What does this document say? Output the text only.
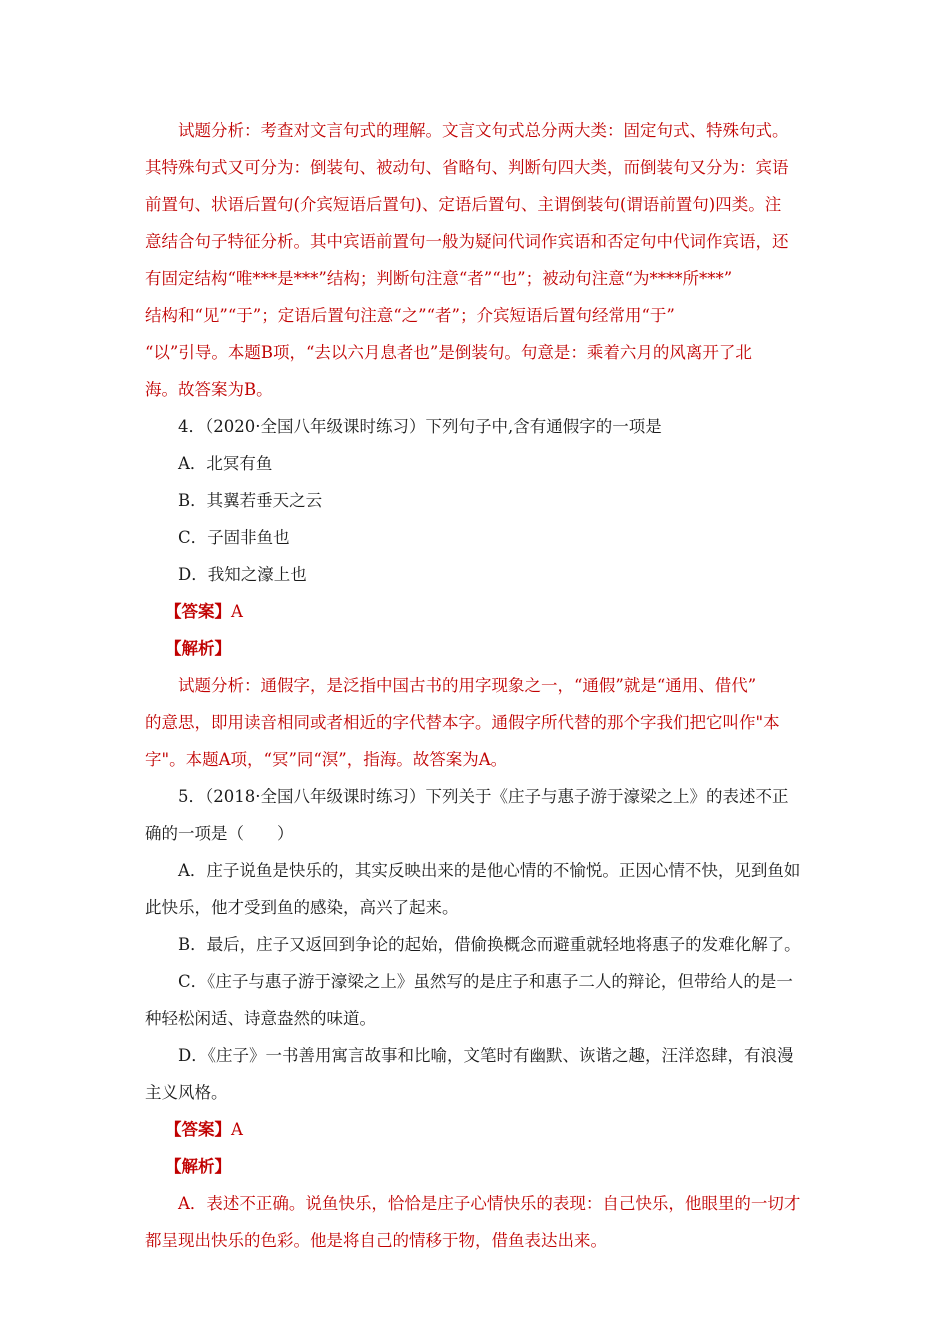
试题分析：考查对文言句式的理解。文言文句式总分两大类：固定句式、特殊句式。

其特殊句式又可分为：倒装句、被动句、省略句、判断句四大类，而倒装句又分为：宾语

前置句、状语后置句(介宾短语后置句)、定语后置句、主谓倒装句(谓语前置句)四类。注

意结合句子特征分析。其中宾语前置句一般为疑问代词作宾语和否定句中代词作宾语，还

有固定结构“唯***是***”结构；判断句注意“者”“也”；被动句注意“为****所***”

结构和“见”“于”；定语后置句注意“之”“者”；介宾短语后置句经常用“于”

“以”引导。本题B项，“去以六月息者也”是倒装句。句意是：乘着六月的风离开了北

海。故答案为B。

4．（2020·全国八年级课时练习）下列句子中,含有通假字的一项是

A．北冥有鱼

B．其翼若垂天之云

C．子固非鱼也

D．我知之濠上也

【答案】A

【解析】

试题分析：通假字，是泛指中国古书的用字现象之一，“通假”就是“通用、借代”

的意思，即用读音相同或者相近的字代替本字。通假字所代替的那个字我们把它叫作"本

字"。本题A项，“冥”同“溟”，指海。故答案为A。

5．（2018·全国八年级课时练习）下列关于《庄子与惠子游于濠梁之上》的表述不正

确的一项是（　　）

A．庄子说鱼是快乐的，其实反映出来的是他心情的不愉悦。正因心情不快，见到鱼如

此快乐，他才受到鱼的感染，高兴了起来。

B．最后，庄子又返回到争论的起始，借偷换概念而避重就轻地将惠子的发难化解了。

C．《庄子与惠子游于濠梁之上》虽然写的是庄子和惠子二人的辩论，但带给人的是一

种轻松闲适、诗意盎然的味道。

D．《庄子》一书善用寓言故事和比喻，文笔时有幽默、诙谐之趣，汪洋恣肆，有浪漫

主义风格。

【答案】A

【解析】

A．表述不正确。说鱼快乐，恰恰是庄子心情快乐的表现：自己快乐，他眼里的一切才

都呈现出快乐的色彩。他是将自己的情移于物，借鱼表达出来。
